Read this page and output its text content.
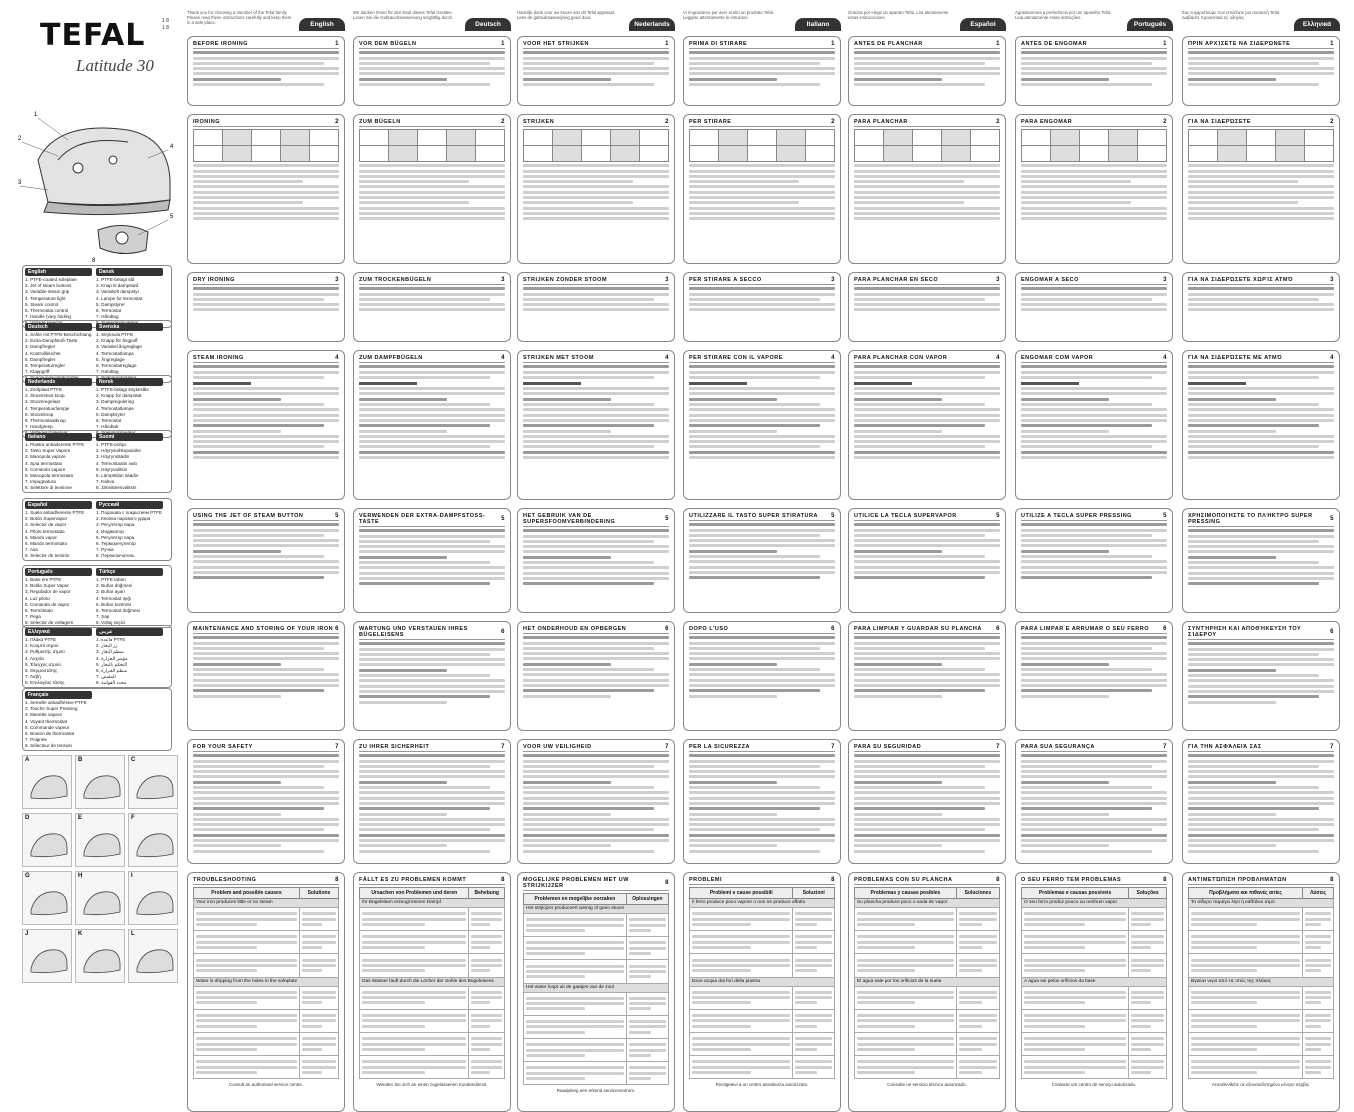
TEFAL
Latitude 30
1 8 1 8
1
2
3
4
5
8
English
1. PTFE-coated soleplate
2. Jet of steam buttons
3. Variable steam grip
4. Temperature light
5. Steam control
6. Thermostat control
7. Handle (vary folding
Dansk
1. PTFE-belagt sål
2. Knap til dampstød
3. Variabelt dampstyr
4. Lampe for termostat
5. Dampstyrer
6. Termostat
7. Håndtag
Deutsch
1. Sohle mit PTFE-Beschichtung
2. Extra-Dampfstoß-Taste
3. Dampfregler
4. Kontrollleuchte
5. Dampfregler
6. Temperaturregler
7. Klappgriff
Svenska
1. Stryksula PTFE
2. Knapp för ångpuff
3. Variabel ångreglage
4. Termostatlampa
5. Ångreglage
6. Termostatreglage
7. Handtag
Nederlands
1. Zoolplaat PTFE
2. Stoomstoot knop
3. Stoomregelaar
4. Temperatuurlampje
5. Stoomknop
6. Thermostaatknop
7. Handgreep
Norsk
1. PTFE-belagt strykesåle
2. Knapp for dampstøt
3. Dampregulering
4. Termostatlampe
5. Dampbryter
6. Termostat
7. Håndtak
Italiano
1. Piastra antiaderente PTFE
2. Tasto Super Vapore
3. Manopola vapore
4. Spia termostato
5. Comando vapore
6. Manopola termostato
7. Impugnatura
8. Selettore di tensione
Suomi
1. PTFE-pohja
2. Höyrysuihkupainike
3. Höyrynsäädin
4. Termostaatin valo
5. Höyryvalitsin
6. Lämpötilan säädin
7. Kahva
8. Jännitteenvalitsin
Español
1. Suela antiadherente PTFE
2. Botón Supervapor
3. Selector de vapor
4. Piloto termostato
5. Mando vapor
6. Mando termostato
7. Asa
8. Selector de tensión
Русский
1. Подошва с покрытием PTFE
2. Кнопка парового удара
3. Регулятор пара
4. Индикатор
5. Регулятор пара
6. Терморегулятор
7. Ручка
8. Переключатель
Português
1. Base em PTFE
2. Botão Super Vapor
3. Regulador de vapor
4. Luz piloto
5. Comando de vapor
6. Termóstato
7. Pega
8. Selector de voltagem
Türkçe
1. PTFE taban
2. Buhar düğmesi
3. Buhar ayarı
4. Termostat ışığı
5. Buhar kontrolü
6. Termostat düğmesi
7. Sap
8. Voltaj seçici
Ελληνικά
1. Πλάκα PTFE
2. Κουμπί ατμού
3. Ρυθμιστής ατμού
4. Λυχνία
5. Έλεγχος ατμού
6. Θερμοστάτης
7. Λαβή
8. Επιλογέας τάσης
عربي
1. قاعدة PTFE
2. زر البخار
3. منظم البخار
4. مؤشر الحرارة
5. التحكم بالبخار
6. منظم الحرارة
7. المقبض
8. محدد الفولتية
Français
1. Semelle antiadhésive PTFE
2. Touche Super Pressing
3. Manette vapeur
4. Voyant thermostat
5. Commande vapeur
6. Bouton de thermostat
7. Poignée
8. Sélecteur de tension
A	B	C
D	E	F
G	H	I
J	K	L
Thank you for choosing a member of the Tefal family. Please read these instructions carefully and keep them in a safe place.	English
BEFORE IRONING	1
IRONING	2

DRY IRONING	3
STEAM IRONING	4
USING THE JET OF STEAM BUTTON	5
MAINTENANCE AND STORING OF YOUR IRON 6
FOR YOUR SAFETY	7
TROUBLESHOOTING	8
Problem and possible causes	Solutions
Your iron produces little or no steam	

Water is dripping from the holes in the soleplate	

Consult an authorised service centre.
Wir danken Ihnen für den Kauf dieses Tefal Gerätes. Lesen Sie die Gebrauchsanweisung sorgfältig durch.
Deutsch
VOR DEM BÜGELN	1
ZUM BÜGELN	2

ZUM TROCKENBÜGELN	3
ZUM DAMPFBÜGELN	4
VERWENDEN DER EXTRA-DAMPFSTOSS-TASTE	5
WARTUNG UND VERSTAUEN IHRES BÜGELEISENS	6
ZU IHRER SICHERHEIT	7
FÄLLT ES ZU PROBLEMEN KOMMT	8
Ursachen von Problemen und deren	Behebung
Ihr Bügeleisen erzeugt keinen Dampf	

Das Wasser läuft durch die Löcher der Sohle des Bügeleisens	

Wenden Sie sich an einen zugelassenen Kundendienst.
Hartelijk dank voor uw keuze van dit Tefal apparaat. Lees de gebruiksaanwijzing goed door.
Nederlands
VOOR HET STRIJKEN	1
STRIJKEN	2

STRIJKEN ZONDER STOOM	3
STRIJKEN MET STOOM	4
HET GEBRUIK VAN DE SUPERSFOOMVERBINDERING	5
HET ONDERHOUD EN OPBERGEN	6
VOOR UW VEILIGHEID	7
MOGELIJKE PROBLEMEN MET UW STRIJKIJZER	8
Problemen en mogelijke oorzaken	Oplossingen
Het strijkijzer produceert weinig of geen stoom	

Het water loopt uit de gaatjes van de zool	

Raadpleeg een erkend servicecentrum.
Vi ringraziamo per aver scelto un prodotto Tefal. Leggete attentamente le istruzioni.
Italiano
PRIMA DI STIRARE	1
PER STIRARE	2

PER STIRARE A SECCO	3
PER STIRARE CON IL VAPORE	4
UTILIZZARE IL TASTO SUPER STIRATURA 5
DOPO L'USO	6
PER LA SICUREZZA	7
PROBLEMI	8
Problemi e cause possibili	Soluzioni
Il ferro produce poco vapore o non ne produce affatto	

Esce acqua dai fori della piastra	

Rivolgetevi a un centro assistenza autorizzato.
Gracias por elegir un aparato Tefal. Lea atentamente estas instrucciones.
Español
ANTES DE PLANCHAR	1
PARA PLANCHAR	2

PARA PLANCHAR EN SECO	3
PARA PLANCHAR CON VAPOR	4
UTILICE LA TECLA SUPERVAPOR	5
PARA LIMPIAR Y GUARDAR SU PLANCHA 6
PARA SU SEGURIDAD	7
PROBLEMAS CON SU PLANCHA	8
Problemas y causas posibles	Soluciones
Su plancha produce poco o nada de vapor	

El agua sale por los orificios de la suela	

Consulte un servicio técnico autorizado.
Agradecemos a preferência por um aparelho Tefal. Leia atentamente estas instruções.
Português
ANTES DE ENGOMAR	1
PARA ENGOMAR	2

ENGOMAR A SECO	3
ENGOMAR COM VAPOR	4
UTILIZE A TECLA SUPER PRESSING	5
PARA LIMPAR E ARRUMAR O SEU FERRO 6
PARA SUA SEGURANÇA	7
O SEU FERRO TEM PROBLEMAS	8
Problemas e causas possíveis	Soluções
O seu ferro produz pouco ou nenhum vapor	

A água sai pelos orifícios da base	

Contacte um centro de serviço autorizado.
Σας ευχαριστούμε που επιλέξατε μια συσκευή Tefal. Διαβάστε προσεκτικά τις οδηγίες.
Ελληνικά
ΠΡΙΝ ΑΡΧΊΣΕΤΕ ΝΑ ΣΙΔΕΡΏΝΕΤΕ	1
ΓΙΑ ΝΑ ΣΙΔΕΡΏΣΕΤΕ	2

ΓΙΑ ΝΑ ΣΙΔΕΡΏΣΕΤΕ ΧΩΡΊΣ ΑΤΜΌ	3
ΓΙΑ ΝΑ ΣΙΔΕΡΏΣΕΤΕ ΜΕ ΑΤΜΌ	4
ΧΡΗΣΙΜΟΠΟΙΉΣΤΕ ΤΟ ΠΛΉΚΤΡΟ SUPER PRESSING	5
ΣΥΝΤΉΡΗΣΗ ΚΑΙ ΑΠΟΘΉΚΕΥΣΗ ΤΟΥ ΣΊΔΕΡΟΥ	6
ΓΙΑ ΤΗΝ ΑΣΦΆΛΕΙΆ ΣΑΣ	7
ΑΝΤΙΜΕΤΏΠΙΣΗ ΠΡΟΒΛΗΜΆΤΩΝ	8
Προβλήματα και πιθανές αιτίες	Λύσεις
Το σίδερο παράγει λίγο ή καθόλου ατμό	

Βγαίνει νερό από τις οπές της πλάκας	

Απευθυνθείτε σε εξουσιοδοτημένο κέντρο σέρβις.
